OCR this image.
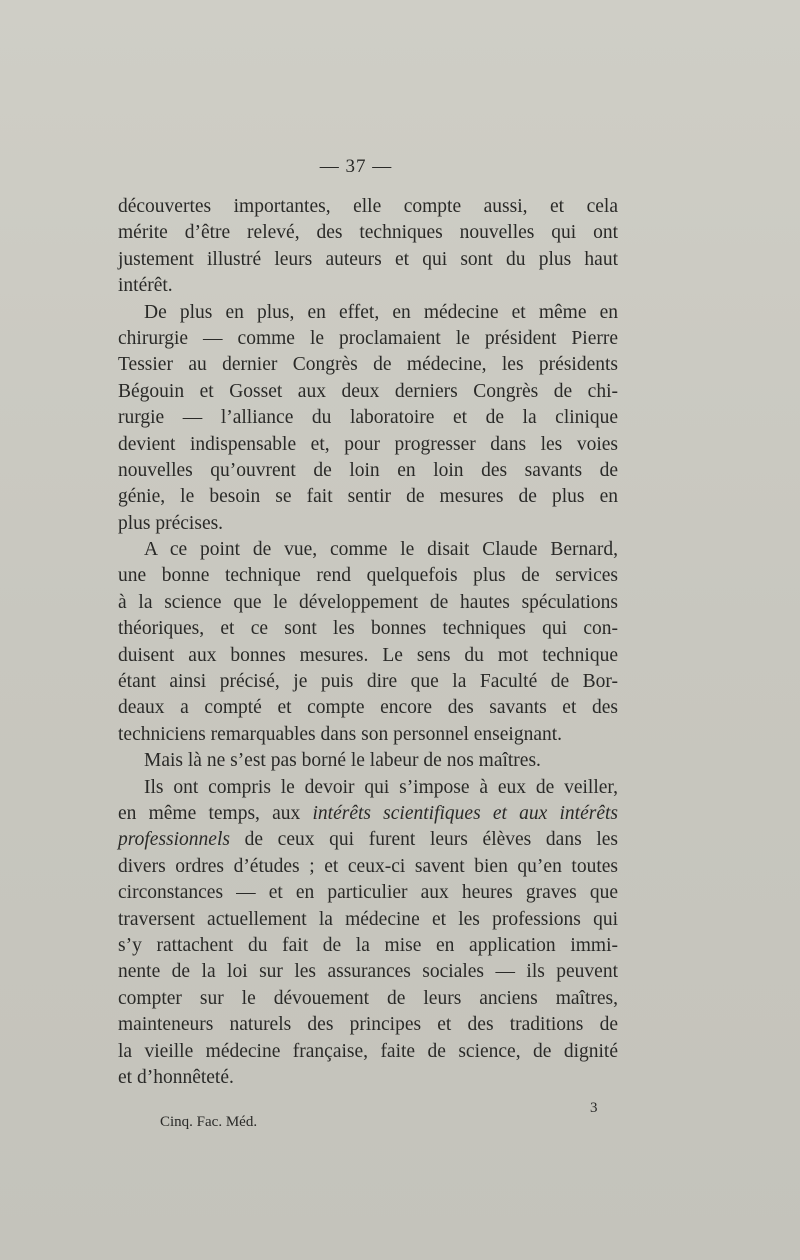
— 37 —
découvertes importantes, elle compte aussi, et cela
mérite d’être relevé, des techniques nouvelles qui ont
justement illustré leurs auteurs et qui sont du plus haut
intérêt.
De plus en plus, en effet, en médecine et même en
chirurgie — comme le proclamaient le président Pierre
Tessier au dernier Congrès de médecine, les présidents
Bégouin et Gosset aux deux derniers Congrès de chi-
rurgie — l’alliance du laboratoire et de la clinique
devient indispensable et, pour progresser dans les voies
nouvelles qu’ouvrent de loin en loin des savants de
génie, le besoin se fait sentir de mesures de plus en
plus précises.
A ce point de vue, comme le disait Claude Bernard,
une bonne technique rend quelquefois plus de services
à la science que le développement de hautes spéculations
théoriques, et ce sont les bonnes techniques qui con-
duisent aux bonnes mesures. Le sens du mot technique
étant ainsi précisé, je puis dire que la Faculté de Bor-
deaux a compté et compte encore des savants et des
techniciens remarquables dans son personnel enseignant.
Mais là ne s’est pas borné le labeur de nos maîtres.
Ils ont compris le devoir qui s’impose à eux de veiller,
en même temps, aux intérêts scientifiques et aux intérêts
professionnels de ceux qui furent leurs élèves dans les
divers ordres d’études ; et ceux-ci savent bien qu’en toutes
circonstances — et en particulier aux heures graves que
traversent actuellement la médecine et les professions qui
s’y rattachent du fait de la mise en application immi-
nente de la loi sur les assurances sociales — ils peuvent
compter sur le dévouement de leurs anciens maîtres,
mainteneurs naturels des principes et des traditions de
la vieille médecine française, faite de science, de dignité
et d’honnêteté.
Cinq. Fac. Méd.
3
